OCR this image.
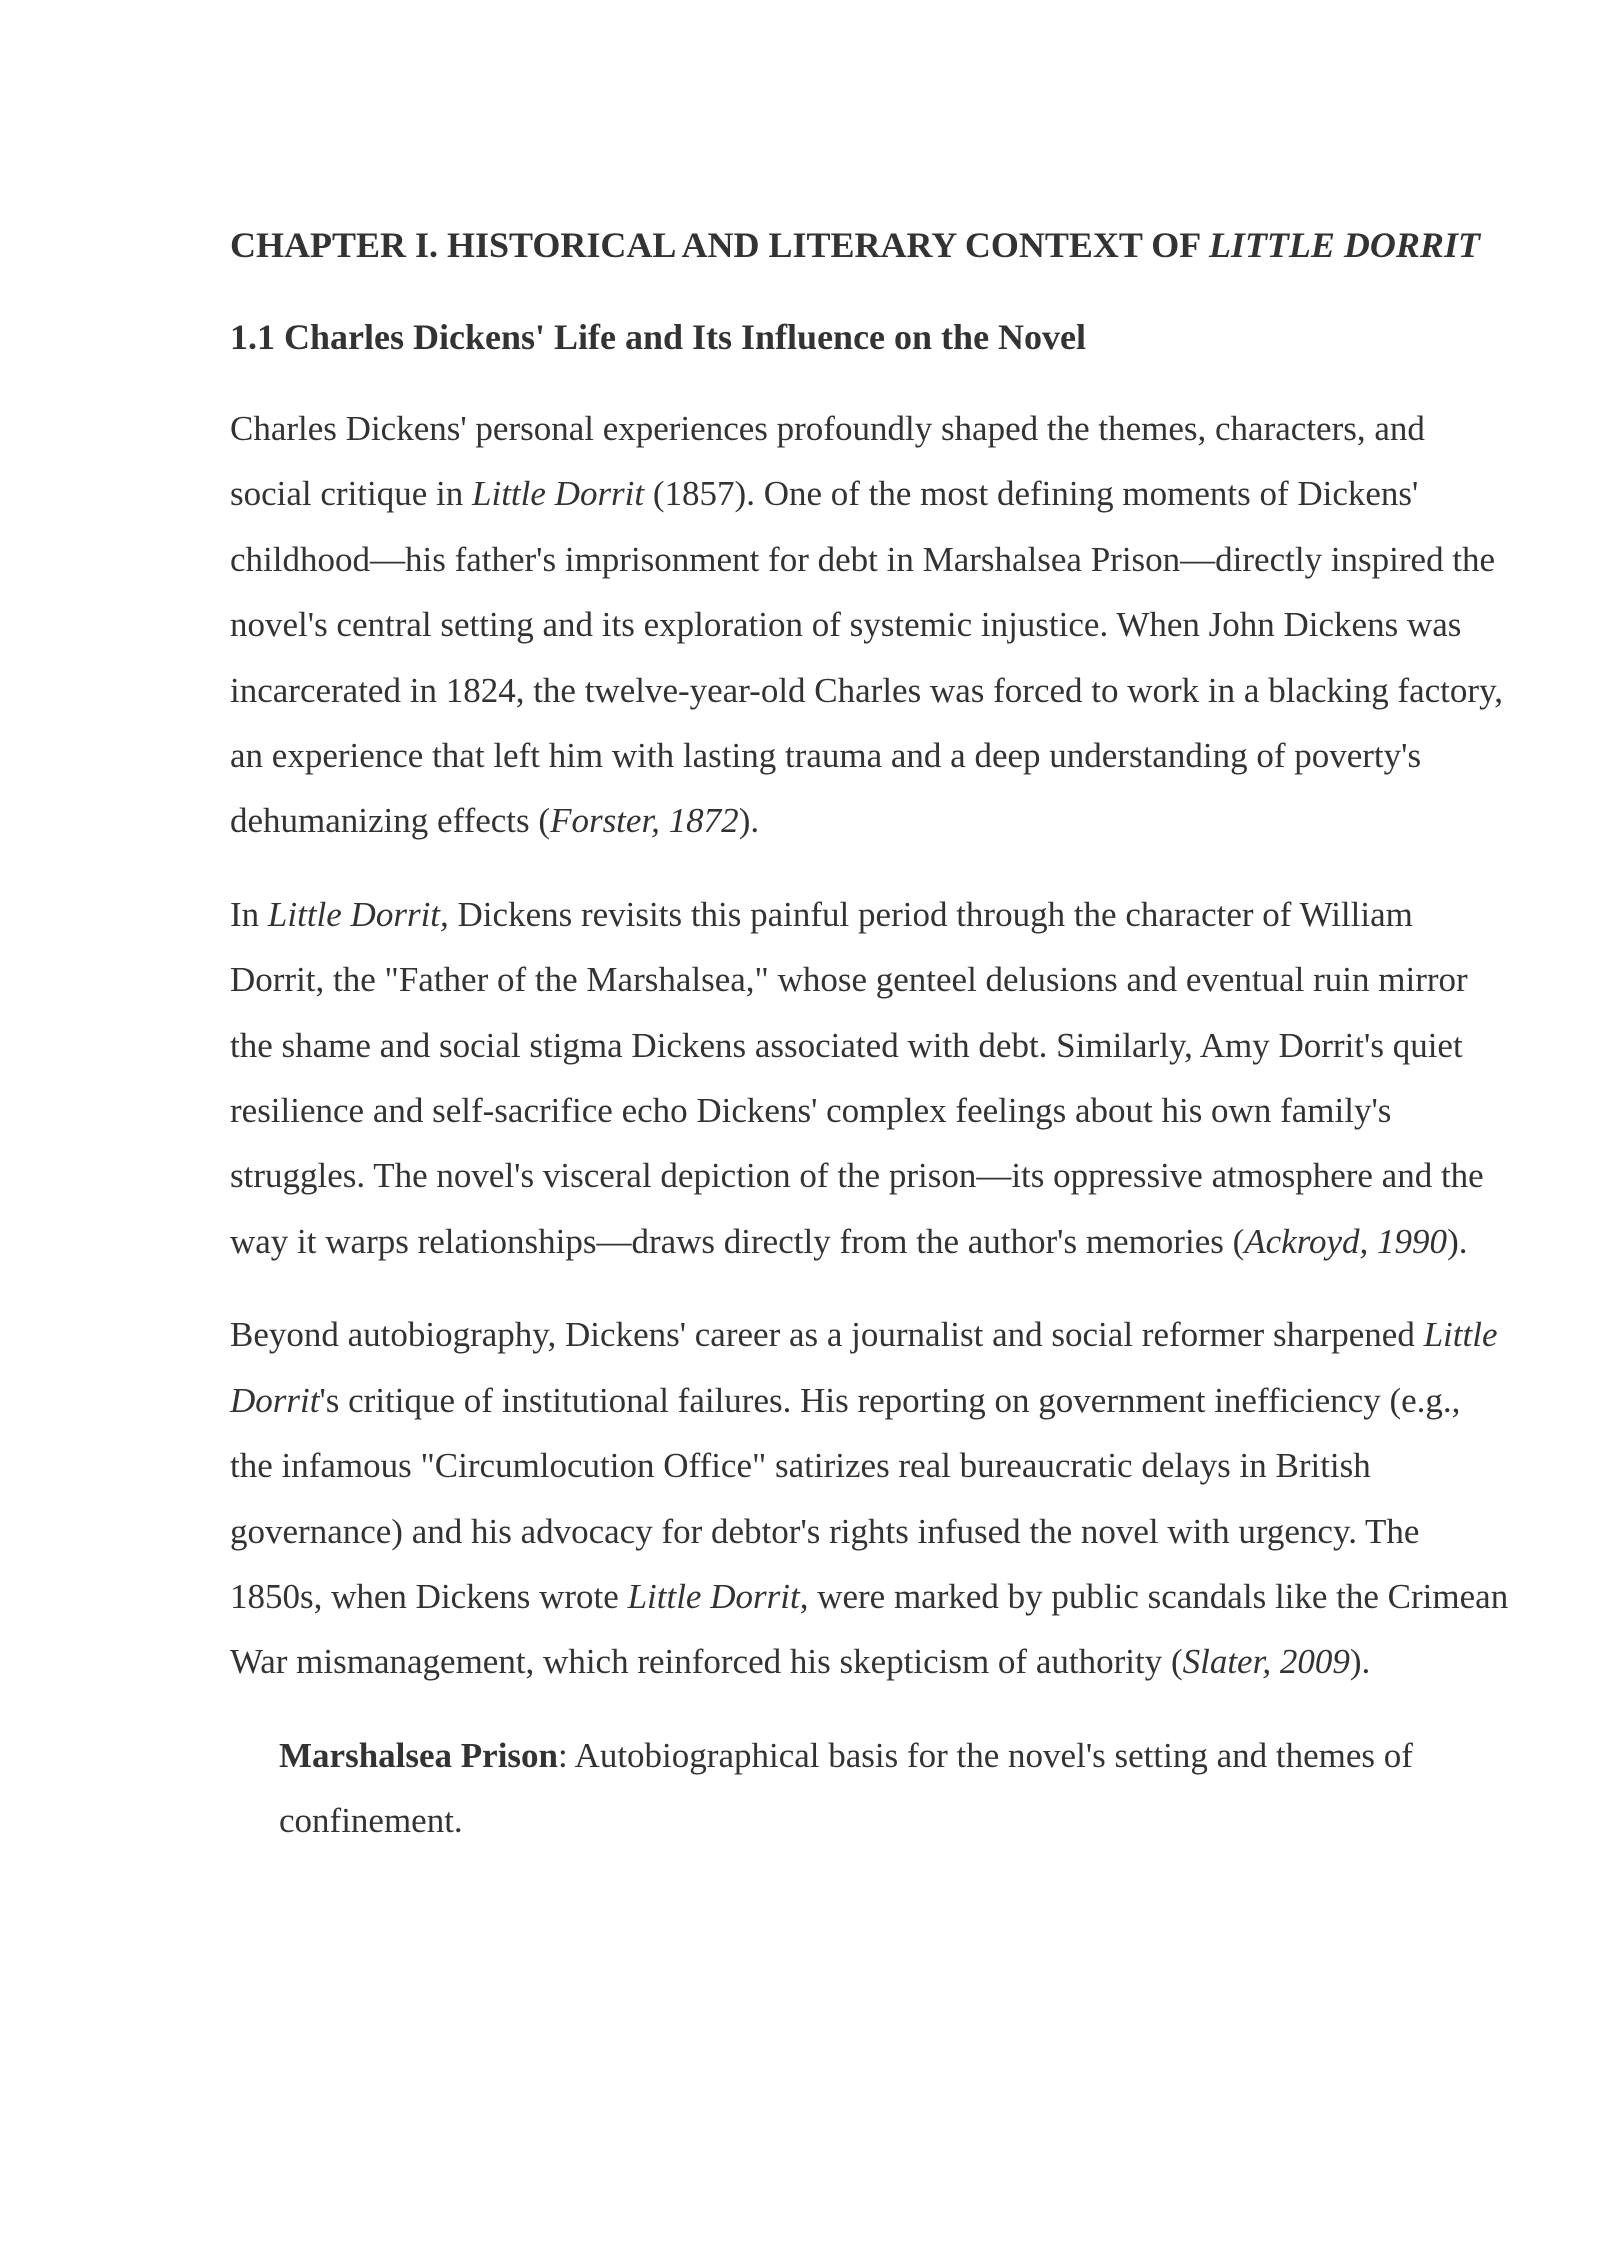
CHAPTER I. HISTORICAL AND LITERARY CONTEXT OF LITTLE DORRIT
1.1 Charles Dickens' Life and Its Influence on the Novel

Charles Dickens' personal experiences profoundly shaped the themes, characters, and social critique in Little Dorrit (1857). One of the most defining moments of Dickens' childhood—his father's imprisonment for debt in Marshalsea Prison—directly inspired the novel's central setting and its exploration of systemic injustice. When John Dickens was incarcerated in 1824, the twelve-year-old Charles was forced to work in a blacking factory, an experience that left him with lasting trauma and a deep understanding of poverty's dehumanizing effects (Forster, 1872).

In Little Dorrit, Dickens revisits this painful period through the character of William Dorrit, the "Father of the Marshalsea," whose genteel delusions and eventual ruin mirror the shame and social stigma Dickens associated with debt. Similarly, Amy Dorrit's quiet resilience and self-sacrifice echo Dickens' complex feelings about his own family's struggles. The novel's visceral depiction of the prison—its oppressive atmosphere and the way it warps relationships—draws directly from the author's memories (Ackroyd, 1990).

Beyond autobiography, Dickens' career as a journalist and social reformer sharpened Little Dorrit's critique of institutional failures. His reporting on government inefficiency (e.g., the infamous "Circumlocution Office" satirizes real bureaucratic delays in British governance) and his advocacy for debtor's rights infused the novel with urgency. The 1850s, when Dickens wrote Little Dorrit, were marked by public scandals like the Crimean War mismanagement, which reinforced his skepticism of authority (Slater, 2009).

Marshalsea Prison: Autobiographical basis for the novel's setting and themes of confinement.
